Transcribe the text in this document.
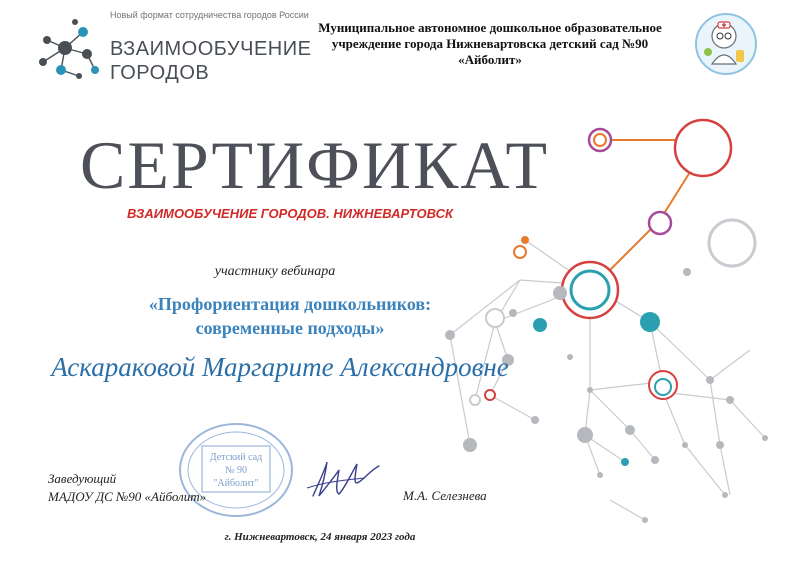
Новый формат сотрудничества городов России
ВЗАИМООБУЧЕНИЕ
ГОРОДОВ
Муниципальное автономное дошкольное образовательное
учреждение города Нижневартовска детский сад №90
«Айболит»
СЕРТИФИКАТ
ВЗАИМООБУЧЕНИЕ ГОРОДОВ. НИЖНЕВАРТОВСК
участнику вебинара
«Профориентация дошкольников:
современные подходы»
Аскараковой Маргарите Александровне
Детский сад
№ 90
"Айболит"
Заведующий
МАДОУ ДС №90 «Айболит»	М.А. Селезнева
г. Нижневартовск, 24 января 2023 года
